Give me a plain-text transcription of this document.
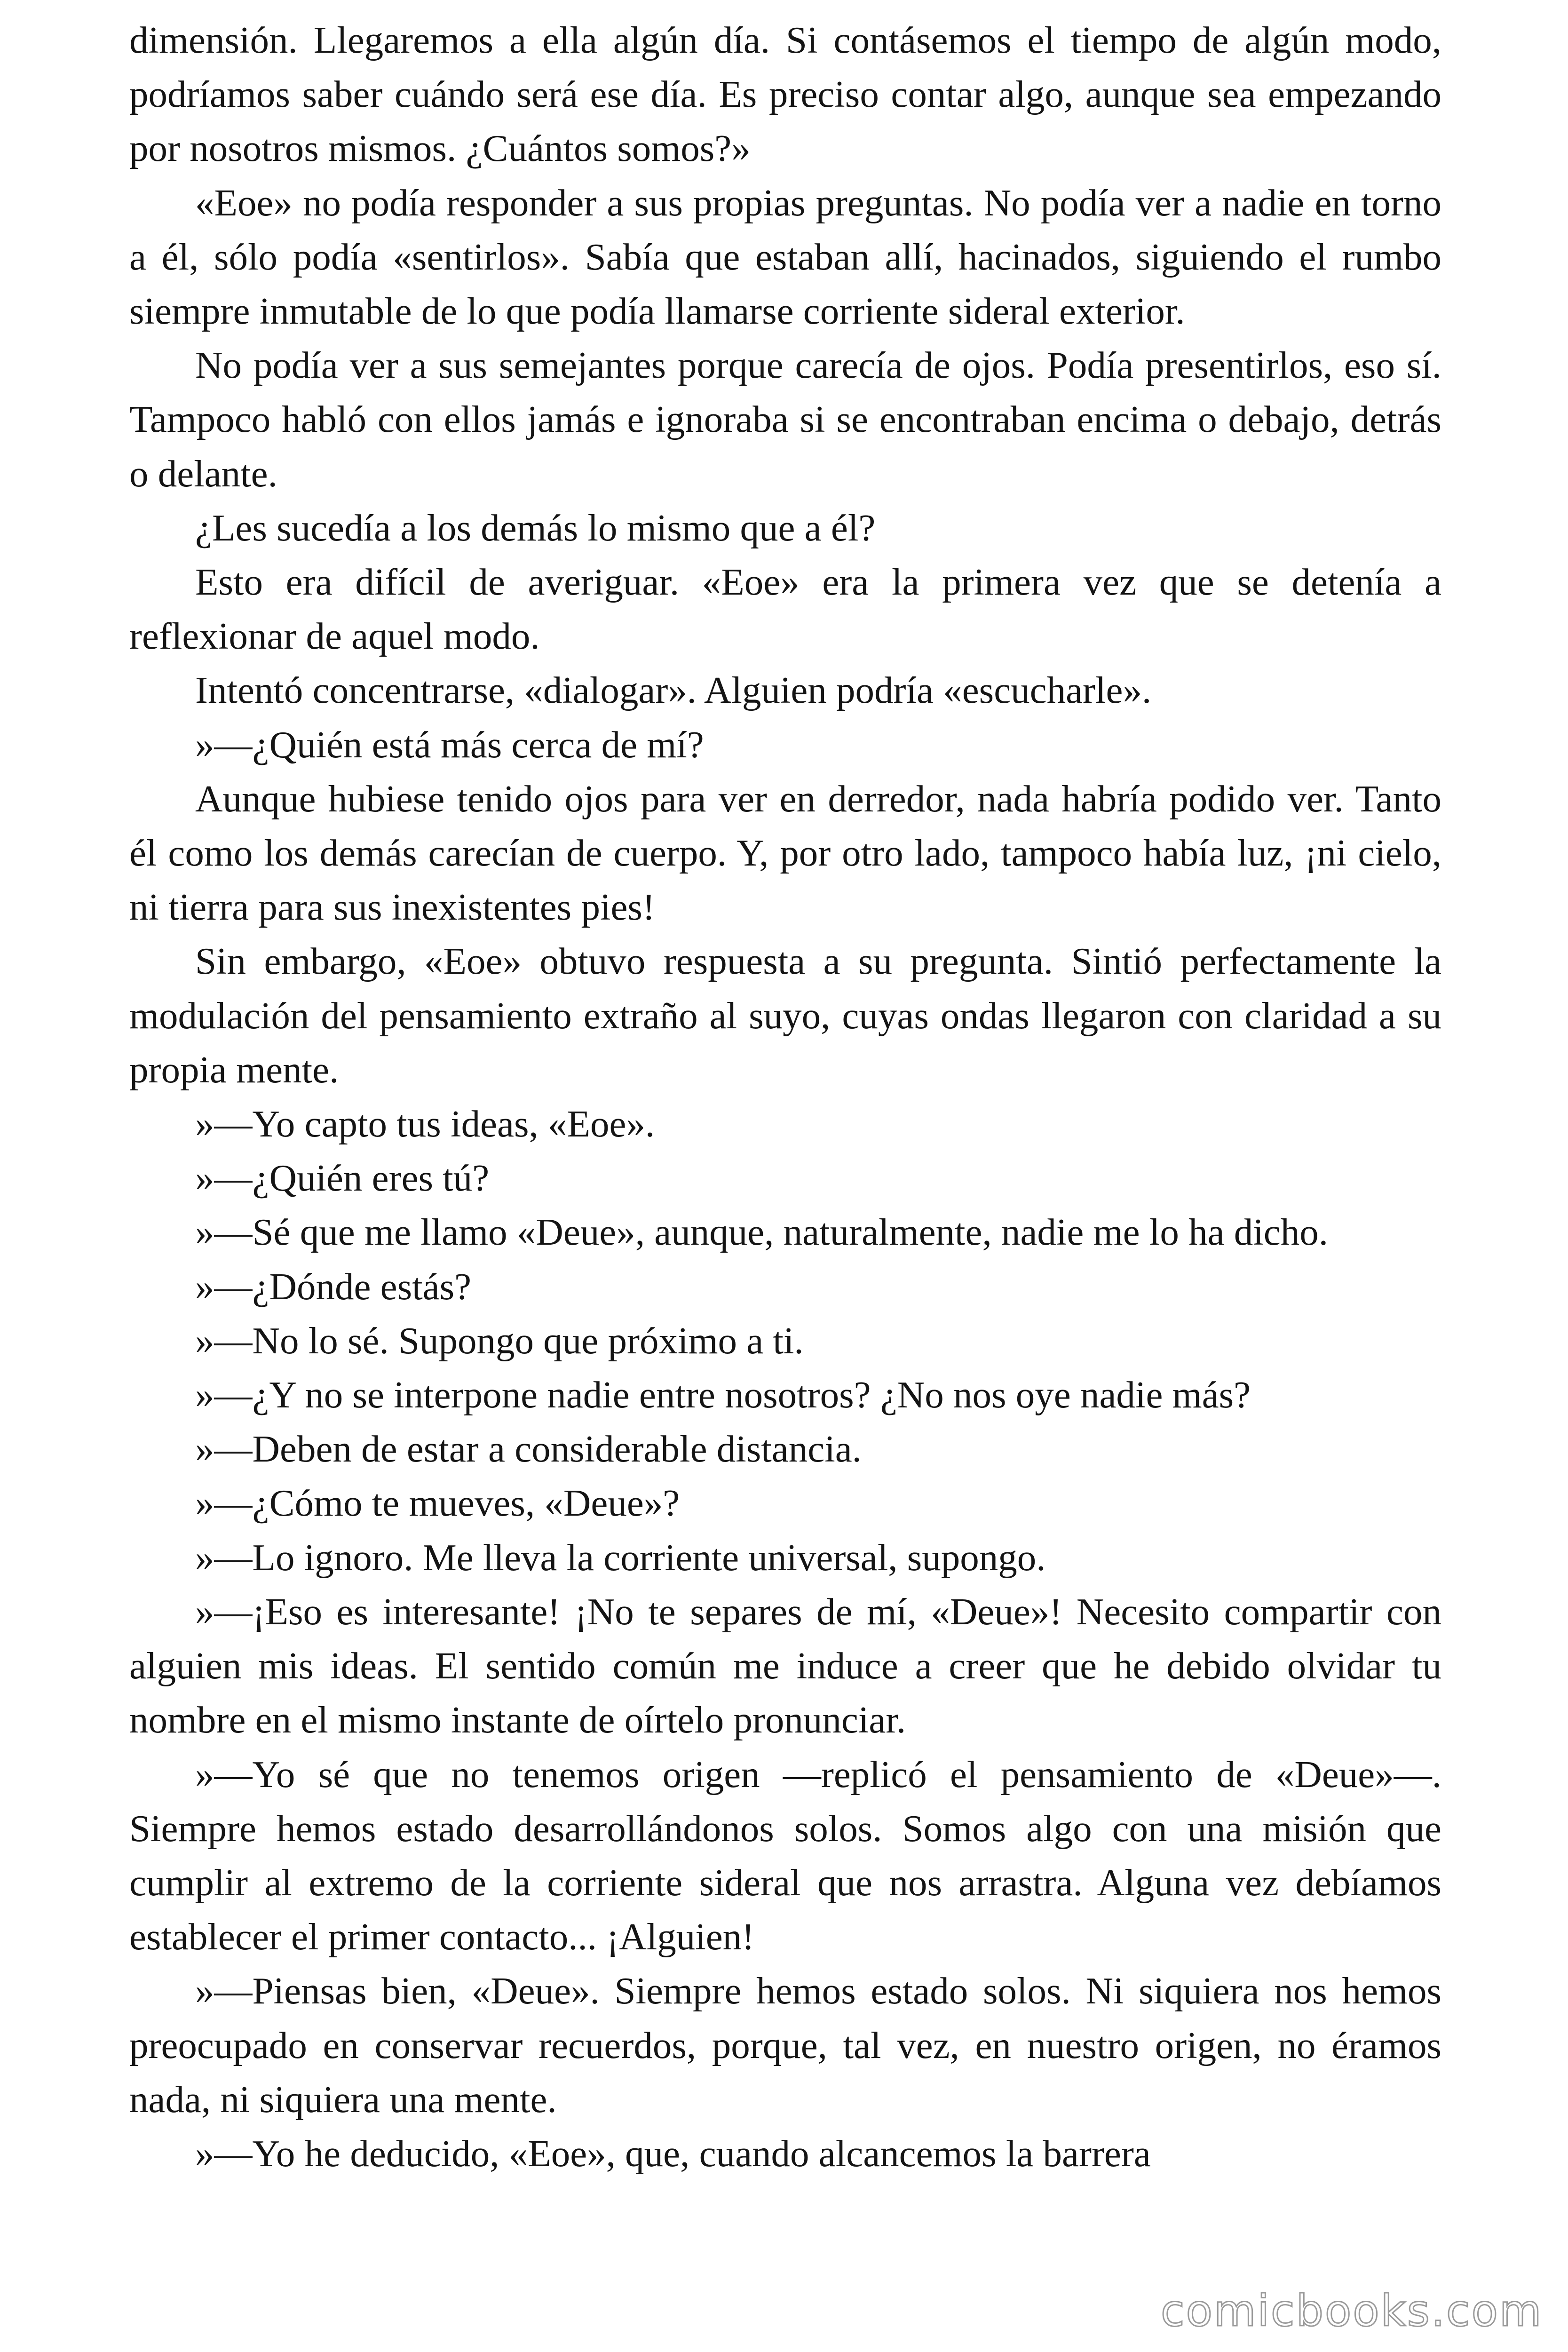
dimensión. Llegaremos a ella algún día. Si contásemos el tiempo de algún modo, podríamos saber cuándo será ese día. Es preciso contar algo, aunque sea empezando por nosotros mismos. ¿Cuántos somos?»

«Eoe» no podía responder a sus propias preguntas. No podía ver a nadie en torno a él, sólo podía «sentirlos». Sabía que estaban allí, hacinados, siguiendo el rumbo siempre inmutable de lo que podía llamarse corriente sideral exterior.

No podía ver a sus semejantes porque carecía de ojos. Podía presentirlos, eso sí. Tampoco habló con ellos jamás e ignoraba si se encontraban encima o debajo, detrás o delante.

¿Les sucedía a los demás lo mismo que a él?

Esto era difícil de averiguar. «Eoe» era la primera vez que se detenía a reflexionar de aquel modo.

Intentó concentrarse, «dialogar». Alguien podría «escucharle».

»—¿Quién está más cerca de mí?

Aunque hubiese tenido ojos para ver en derredor, nada habría podido ver. Tanto él como los demás carecían de cuerpo. Y, por otro lado, tampoco había luz, ¡ni cielo, ni tierra para sus inexistentes pies!

Sin embargo, «Eoe» obtuvo respuesta a su pregunta. Sintió perfectamente la modulación del pensamiento extraño al suyo, cuyas ondas llegaron con claridad a su propia mente.

»—Yo capto tus ideas, «Eoe».

»—¿Quién eres tú?

»—Sé que me llamo «Deue», aunque, naturalmente, nadie me lo ha dicho.

»—¿Dónde estás?

»—No lo sé. Supongo que próximo a ti.

»—¿Y no se interpone nadie entre nosotros? ¿No nos oye nadie más?

»—Deben de estar a considerable distancia.

»—¿Cómo te mueves, «Deue»?

»—Lo ignoro. Me lleva la corriente universal, supongo.

»—¡Eso es interesante! ¡No te separes de mí, «Deue»! Necesito compartir con alguien mis ideas. El sentido común me induce a creer que he debido olvidar tu nombre en el mismo instante de oírtelo pronunciar.

»—Yo sé que no tenemos origen —replicó el pensamiento de «Deue»—. Siempre hemos estado desarrollándonos solos. Somos algo con una misión que cumplir al extremo de la corriente sideral que nos arrastra. Alguna vez debíamos establecer el primer contacto... ¡Alguien!

»—Piensas bien, «Deue». Siempre hemos estado solos. Ni siquiera nos hemos preocupado en conservar recuerdos, porque, tal vez, en nuestro origen, no éramos nada, ni siquiera una mente.

»—Yo he deducido, «Eoe», que, cuando alcancemos la barrera

comicbooks.com
